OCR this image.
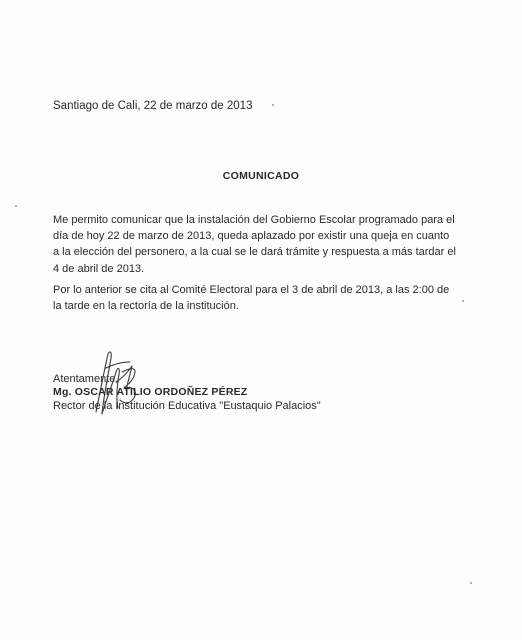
Santiago de Cali, 22 de marzo de 2013
COMUNICADO
Me permito comunicar que la instalación del Gobierno Escolar programado para el
día de hoy 22 de marzo de 2013, queda aplazado por existir una queja en cuanto
a la elección del personero, a la cual se le dará trámite y respuesta a más tardar el
4 de abril de 2013.
Por lo anterior se cita al Comité Electoral para el 3 de abril de 2013, a las 2:00 de
la tarde en la rectoría de la institución.
Atentamente,
Mg. OSCAR ATILIO ORDOÑEZ PÉREZ
Rector de la Institución Educativa "Eustaquio Palacios"
